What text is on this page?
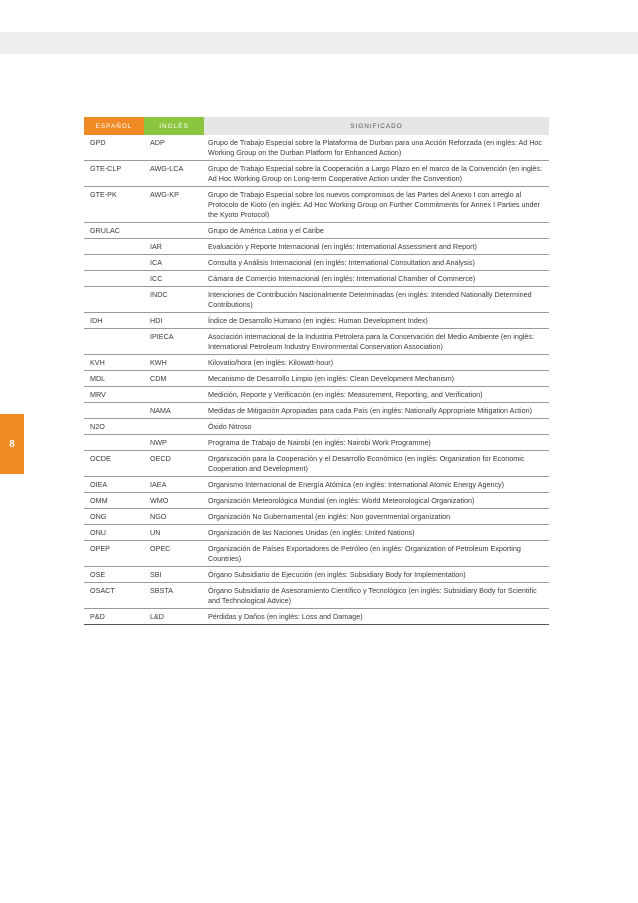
8
ESPAÑOL	INGLÉS	SIGNIFICADO
GPD	ADP	Grupo de Trabajo Especial sobre la Plataforma de Durban para una Acción Reforzada (en inglés: Ad Hoc Working Group on the Durban Platform for Enhanced Action)
GTE-CLP	AWG-LCA	Grupo de Trabajo Especial sobre la Cooperación a Largo Plazo en el marco de la Convención (en inglés: Ad Hoc Working Group on Long-term Cooperative Action under the Convention)
GTE-PK	AWG-KP	Grupo de Trabajo Especial sobre los nuevos compromisos de las Partes del Anexo I con arreglo al Protocolo de Kioto (en inglés: Ad Hoc Working Group on Further Commitments for Annex I Parties under the Kyoto Protocol)
GRULAC		Grupo de América Latina y el Caribe
	IAR	Evaluación y Reporte Internacional (en inglés: International Assessment and Report)
	ICA	Consulta y Análisis Internacional (en inglés: International Consultation and Analysis)
	ICC	Cámara de Comercio Internacional (en inglés: International Chamber of Commerce)
	INDC	Intenciones de Contribución Nacionalmente Determinadas (en inglés: Intended Nationally Determined Contributions)
IDH	HDI	Índice de Desarrollo Humano (en inglés: Human Development Index)
	IPIECA	Asociación internacional de la Industria Petrolera para la Conservación del Medio Ambiente (en inglés: International Petroleum Industry Environmental Conservation Association)
KVH	KWH	Kilovatio/hora (en inglés: Kilowatt-hour)
MDL	CDM	Mecanismo de Desarrollo Limpio (en inglés: Clean Development Mechanism)
MRV		Medición, Reporte y Verificación (en inglés: Measurement, Reporting, and Verification)
	NAMA	Medidas de Mitigación Apropiadas para cada País (en inglés: Nationally Appropriate Mitigation Action)
N2O		Óxido Nitroso
	NWP	Programa de Trabajo de Nairobi (en inglés: Nairobi Work Programme)
OCDE	OECD	Organización para la Cooperación y el Desarrollo Económico (en inglés: Organization for Economic Cooperation and Development)
OIEA	IAEA	Organismo Internacional de Energía Atómica (en inglés: International Atomic Energy Agency)
OMM	WMO	Organización Meteorológica Mundial (en inglés: World Meteorological Organization)
ONG	NGO	Organización No Gubernamental (en inglés: Non governmental organization
ONU	UN	Organización de las Naciones Unidas (en inglés: United Nations)
OPEP	OPEC	Organización de Países Exportadores de Petróleo (en inglés: Organization of Petroleum Exporting Countries)
OSE	SBI	Órgano Subsidiario de Ejecución (en inglés: Subsidiary Body for Implementation)
OSACT	SBSTA	Órgano Subsidiario de Asesoramiento Científico y Tecnológico (en inglés: Subsidiary Body for Scientific and Technological Advice)
P&D	L&D	Pérdidas y Daños (en inglés: Loss and Damage)
